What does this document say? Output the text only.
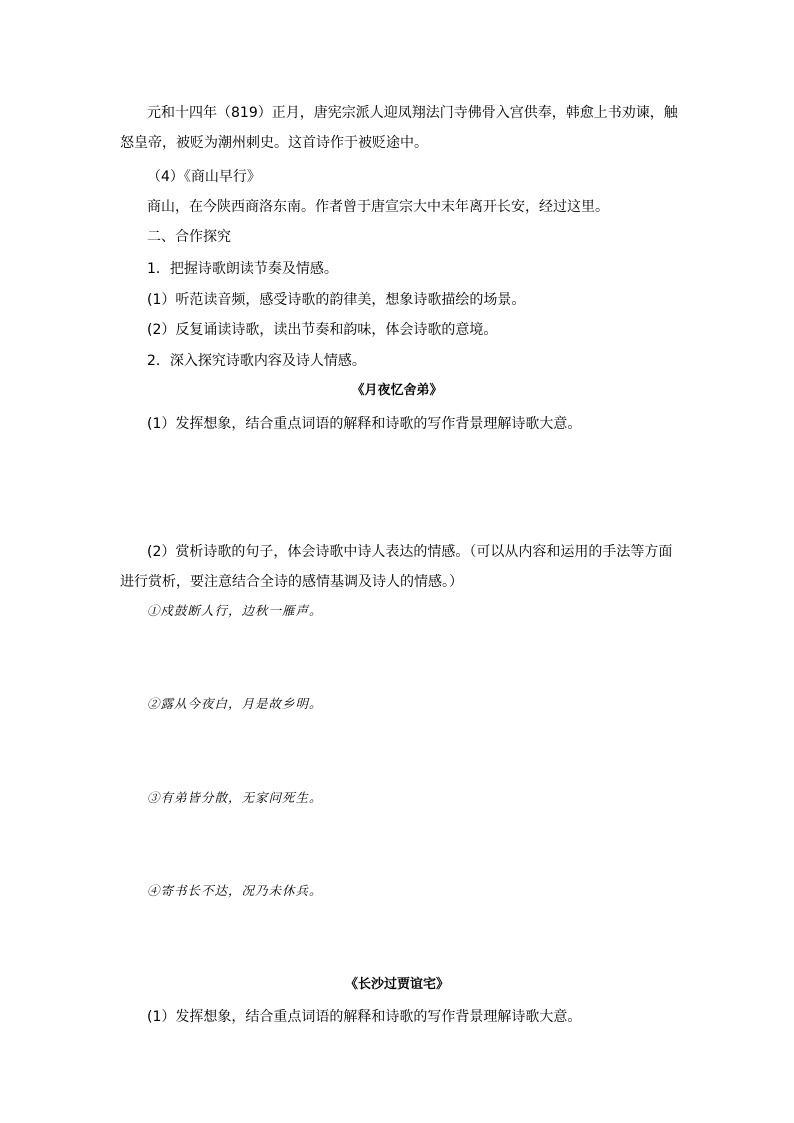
元和十四年（819）正月，唐宪宗派人迎凤翔法门寺佛骨入宫供奉，韩愈上书劝谏，触怒皇帝，被贬为潮州刺史。这首诗作于被贬途中。
（4）《商山早行》
商山，在今陕西商洛东南。作者曾于唐宣宗大中末年离开长安，经过这里。
二、合作探究
1．把握诗歌朗读节奏及情感。
(1）听范读音频，感受诗歌的韵律美，想象诗歌描绘的场景。
(2）反复诵读诗歌，读出节奏和韵味，体会诗歌的意境。
2．深入探究诗歌内容及诗人情感。
《月夜忆舍弟》
(1）发挥想象，结合重点词语的解释和诗歌的写作背景理解诗歌大意。
(2）赏析诗歌的句子，体会诗歌中诗人表达的情感。（可以从内容和运用的手法等方面进行赏析，要注意结合全诗的感情基调及诗人的情感。）
①戍鼓断人行，边秋一雁声。
②露从今夜白，月是故乡明。
③有弟皆分散，无家问死生。
④寄书长不达，况乃未休兵。
《长沙过贾谊宅》
(1）发挥想象，结合重点词语的解释和诗歌的写作背景理解诗歌大意。
